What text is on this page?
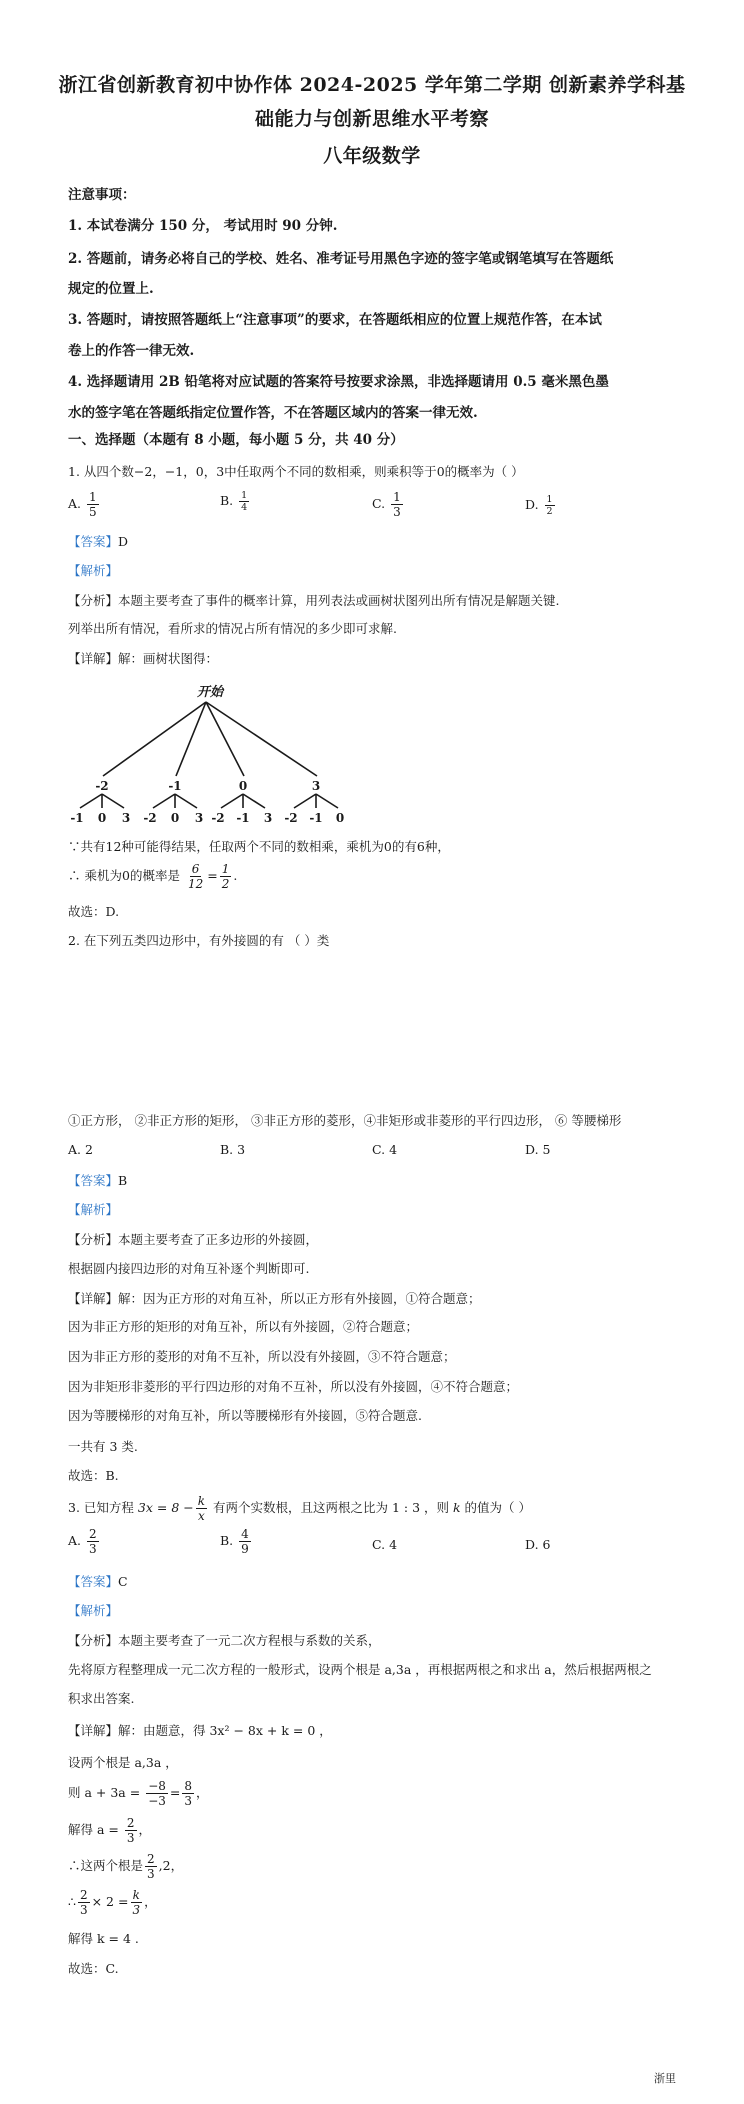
浙江省创新教育初中协作体 2024-2025 学年第二学期 创新素养学科基
础能力与创新思维水平考察
八年级数学
注意事项：
1. 本试卷满分 150 分， 考试用时 90 分钟.
2. 答题前，请务必将自己的学校、姓名、准考证号用黑色字迹的签字笔或钢笔填写在答题纸
规定的位置上.
3. 答题时，请按照答题纸上“注意事项”的要求，在答题纸相应的位置上规范作答，在本试
卷上的作答一律无效.
4. 选择题请用 2B 铅笔将对应试题的答案符号按要求涂黑，非选择题请用 0.5 毫米黑色墨
水的签字笔在答题纸指定位置作答，不在答题区域内的答案一律无效.
一、选择题（本题有 8 小题，每小题 5 分，共 40 分）
1. 从四个数−2，−1，0，3中任取两个不同的数相乘，则乘积等于0的概率为（ ）
A. $\frac{1}{5}$	B. $\frac{1}{4}$	C. $\frac{1}{3}$	D. $\frac{1}{2}$
【答案】D
【解析】
【分析】本题主要考查了事件的概率计算，用列表法或画树状图列出所有情况是解题关键.
列举出所有情况，看所求的情况占所有情况的多少即可求解.
【详解】解：画树状图得：
开始
-2	-1	0	3
-1 0 3 -2 0 3 -2 -1 3 -2 -1 0
∵共有12种可能得结果，任取两个不同的数相乘，乘机为0的有6种，
∴ 乘机为0的概率是 $\frac{6}{12} = \frac{1}{2}$ .
故选：D.
2. 在下列五类四边形中，有外接圆的有 （ ）类
①正方形， ②非正方形的矩形， ③非正方形的菱形，④非矩形或非菱形的平行四边形， ⑥ 等腰梯形
A. 2	B. 3	C. 4	D. 5
【答案】B
【解析】
【分析】本题主要考查了正多边形的外接圆，
根据圆内接四边形的对角互补逐个判断即可.
【详解】解：因为正方形的对角互补，所以正方形有外接圆，①符合题意；
因为非正方形的矩形的对角互补，所以有外接圆，②符合题意；
因为非正方形的菱形的对角不互补，所以没有外接圆，③不符合题意；
因为非矩形非菱形的平行四边形的对角不互补，所以没有外接圆，④不符合题意；
因为等腰梯形的对角互补，所以等腰梯形有外接圆，⑤符合题意.
一共有 3 类.
故选：B.
3. 已知方程 $3x = 8 - \frac{k}{x}$ 有两个实数根，且这两根之比为 1 : 3 ，则 k 的值为（ ）
A. $\frac{2}{3}$	B. $\frac{4}{9}$	C. 4	D. 6
【答案】C
【解析】
【分析】本题主要考查了一元二次方程根与系数的关系，
先将原方程整理成一元二次方程的一般形式，设两个根是 a,3a ，再根据两根之和求出 a，然后根据两根之
积求出答案.
【详解】解：由题意，得 3x² − 8x + k = 0 ，
设两个根是 a,3a ，
则 $a + 3a = \frac{-8}{-3} = \frac{8}{3}$ ，
解得 $a = \frac{2}{3}$ ，
∴这两个根是 $\frac{2}{3} ,2$，
∴ $\frac{2}{3} \times 2 = \frac{k}{3}$ ，
解得 k = 4 .
故选：C.
浙里
